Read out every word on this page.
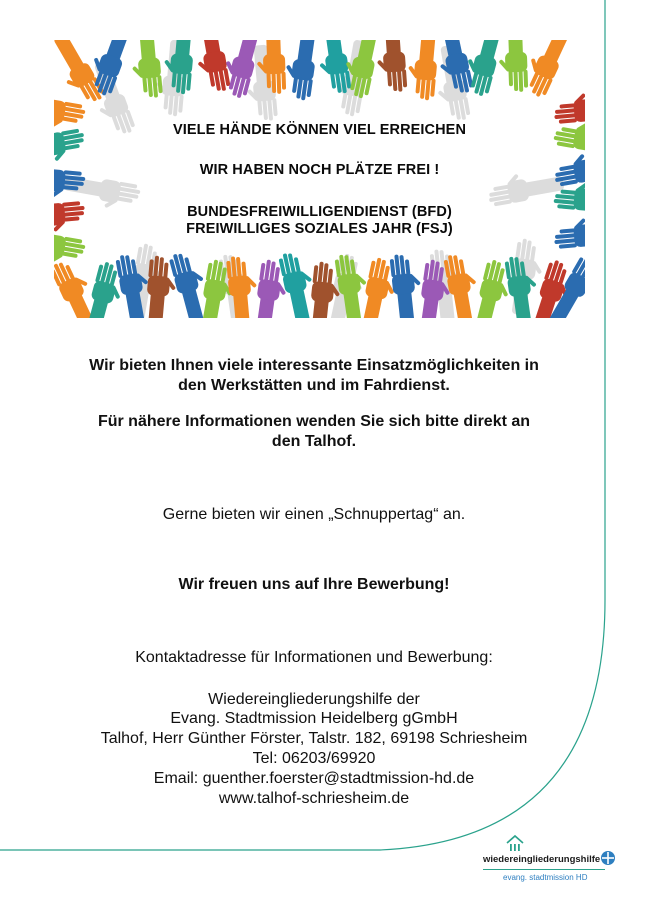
VIELE HÄNDE KÖNNEN VIEL ERREICHEN
WIR HABEN NOCH PLÄTZE FREI !
BUNDESFREIWILLIGENDIENST (BFD)
FREIWILLIGES SOZIALES JAHR (FSJ)
Wir bieten Ihnen viele interessante Einsatzmöglichkeiten in
den Werkstätten und im Fahrdienst.
Für nähere Informationen wenden Sie sich bitte direkt an
den Talhof.
Gerne bieten wir einen „Schnuppertag“ an.
Wir freuen uns auf Ihre Bewerbung!
Kontaktadresse für Informationen und Bewerbung:
Wiedereingliederungshilfe der
Evang. Stadtmission Heidelberg gGmbH
Talhof, Herr Günther Förster, Talstr. 182, 69198 Schriesheim
Tel: 06203/69920
Email: guenther.foerster@stadtmission-hd.de
www.talhof-schriesheim.de
wiedereingliederungshilfe
evang. stadtmission HD
